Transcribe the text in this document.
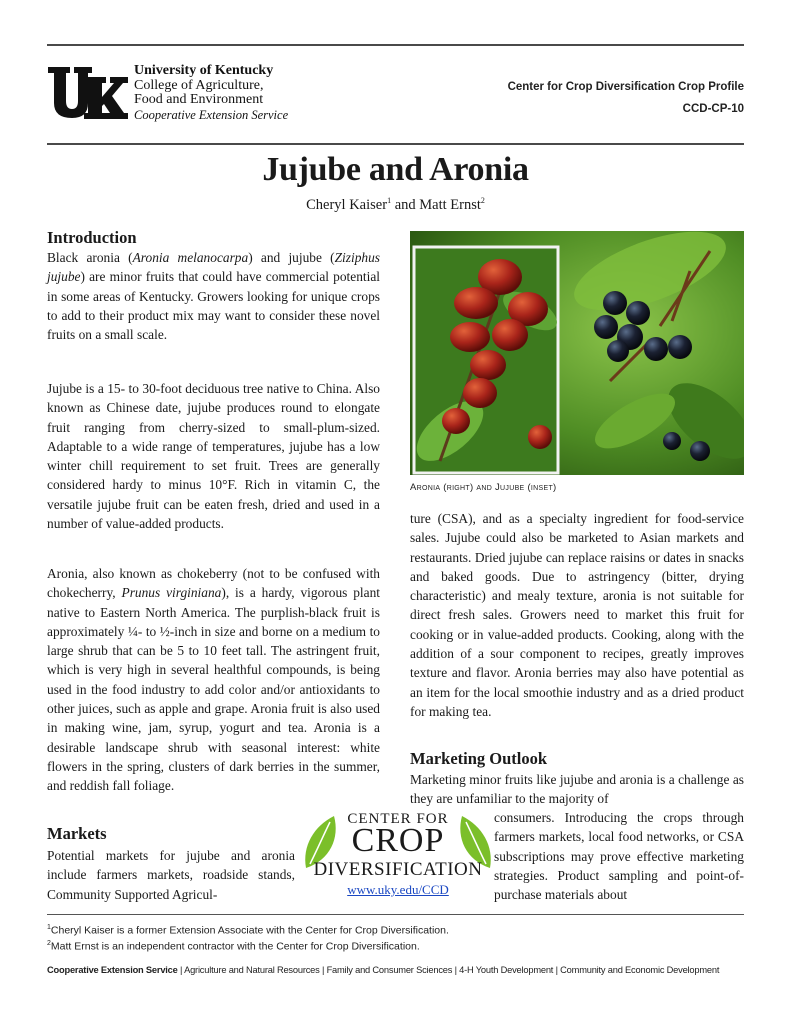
University of Kentucky
College of Agriculture,
Food and Environment
Cooperative Extension Service
Center for Crop Diversification Crop Profile
CCD-CP-10
Jujube and Aronia
Cheryl Kaiser$^1$ and Matt Ernst$^2$
Introduction

Black aronia (Aronia melanocarpa) and jujube (Ziziphus jujube) are minor fruits that could have commercial potential in some areas of Kentucky. Growers looking for unique crops to add to their product mix may want to consider these novel fruits on a small scale.

Jujube is a 15- to 30-foot deciduous tree native to China. Also known as Chinese date, jujube produces round to elongate fruit ranging from cherry-sized to small-plum-sized. Adaptable to a wide range of temperatures, jujube has a low winter chill requirement to set fruit. Trees are generally considered hardy to minus 10°F. Rich in vitamin C, the versatile jujube fruit can be eaten fresh, dried and used in a number of value-added products.

Aronia, also known as chokeberry (not to be confused with chokecherry, Prunus virginiana), is a hardy, vigorous plant native to Eastern North America. The purplish-black fruit is approximately ¼- to ½-inch in size and borne on a medium to large shrub that can be 5 to 10 feet tall. The astringent fruit, which is very high in several healthful compounds, is being used in the food industry to add color and/or antioxidants to other juices, such as apple and grape. Aronia fruit is also used in making wine, jam, syrup, yogurt and tea. Aronia is a desirable landscape shrub with seasonal interest: white flowers in the spring, clusters of dark berries in the summer, and reddish fall foliage.

Markets

Potential markets for jujube and aronia include farmers markets, roadside stands, Community Supported Agricul-

Aronia (right) and Jujube (inset)

ture (CSA), and as a specialty ingredient for food-service sales. Jujube could also be marketed to Asian markets and restaurants. Dried jujube can replace raisins or dates in snacks and baked goods. Due to astringency (bitter, drying characteristic) and mealy texture, aronia is not suitable for direct fresh sales. Growers need to market this fruit for cooking or in value-added products. Cooking, along with the addition of a sour component to recipes, greatly improves texture and flavor. Aronia berries may also have potential as an item for the local smoothie industry and as a dried product for making tea.

Marketing Outlook

Marketing minor fruits like jujube and aronia is a challenge as they are unfamiliar to the majority of

consumers. Introducing the crops through farmers markets, local food networks, or CSA subscriptions may prove effective marketing strategies. Product sampling and point-of-purchase materials about

CENTER FOR
CROP
DIVERSIFICATION
www.uky.edu/CCD
$^1$Cheryl Kaiser is a former Extension Associate with the Center for Crop Diversification.
$^2$Matt Ernst is an independent contractor with the Center for Crop Diversification.
Cooperative Extension Service | Agriculture and Natural Resources | Family and Consumer Sciences | 4-H Youth Development | Community and Economic Development
